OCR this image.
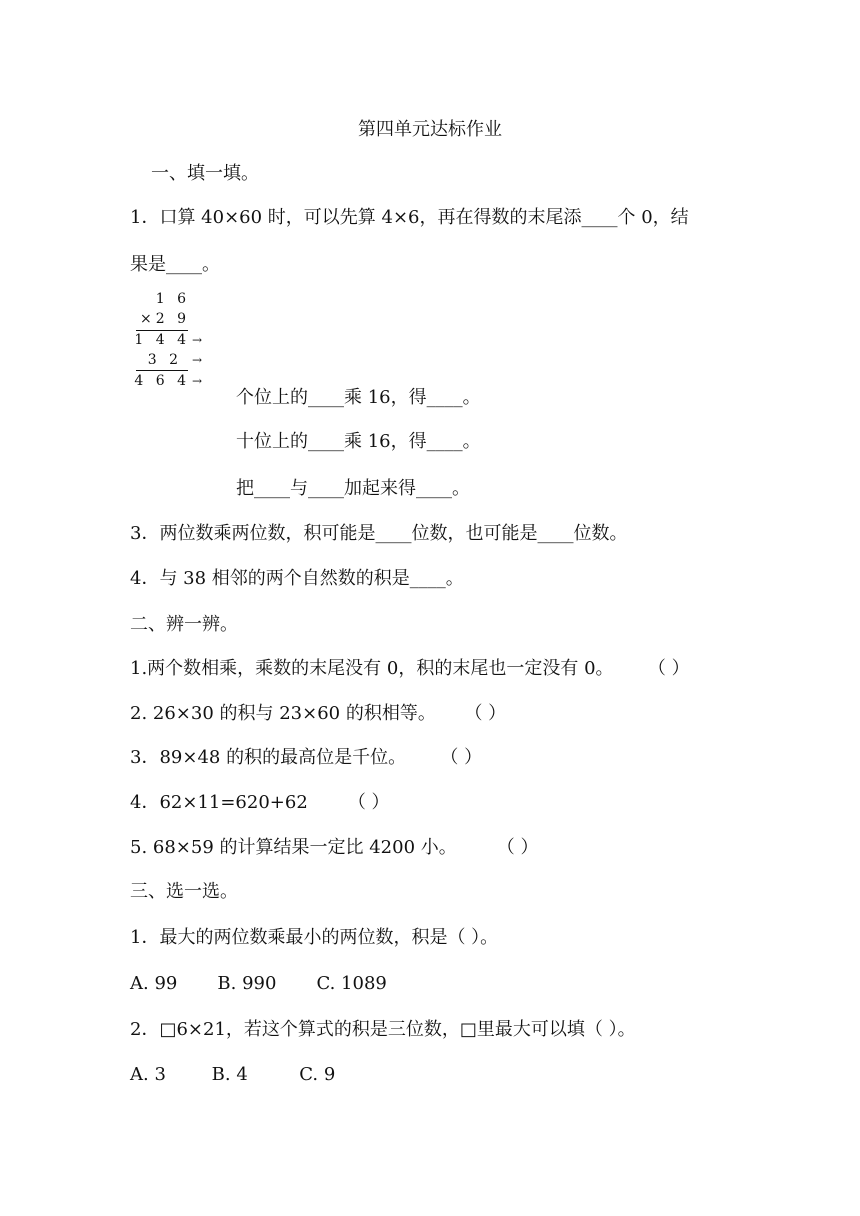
第四单元达标作业
一、填一填。
1．口算 40×60 时，可以先算 4×6，再在得数的末尾添____个 0，结
果是____。
1 6
×2 9
1 4 4 →
3 2 →
4 6 4 →
个位上的____乘 16，得____。
十位上的____乘 16，得____。
把____与____加起来得____。
3．两位数乘两位数，积可能是____位数，也可能是____位数。
4．与 38 相邻的两个自然数的积是____。
二、辨一辨。
1.两个数相乘，乘数的末尾没有 0，积的末尾也一定没有 0。      （ ）
2. 26×30 的积与 23×60 的积相等。     （ ）
3．89×48 的积的最高位是千位。      （ ）
4．62×11=620+62       （ ）
5. 68×59 的计算结果一定比 4200 小。       （ ）
三、选一选。
1．最大的两位数乘最小的两位数，积是（ ）。
A. 99       B. 990       C. 1089
2．□6×21，若这个算式的积是三位数，□里最大可以填（ ）。
A. 3        B. 4         C. 9
